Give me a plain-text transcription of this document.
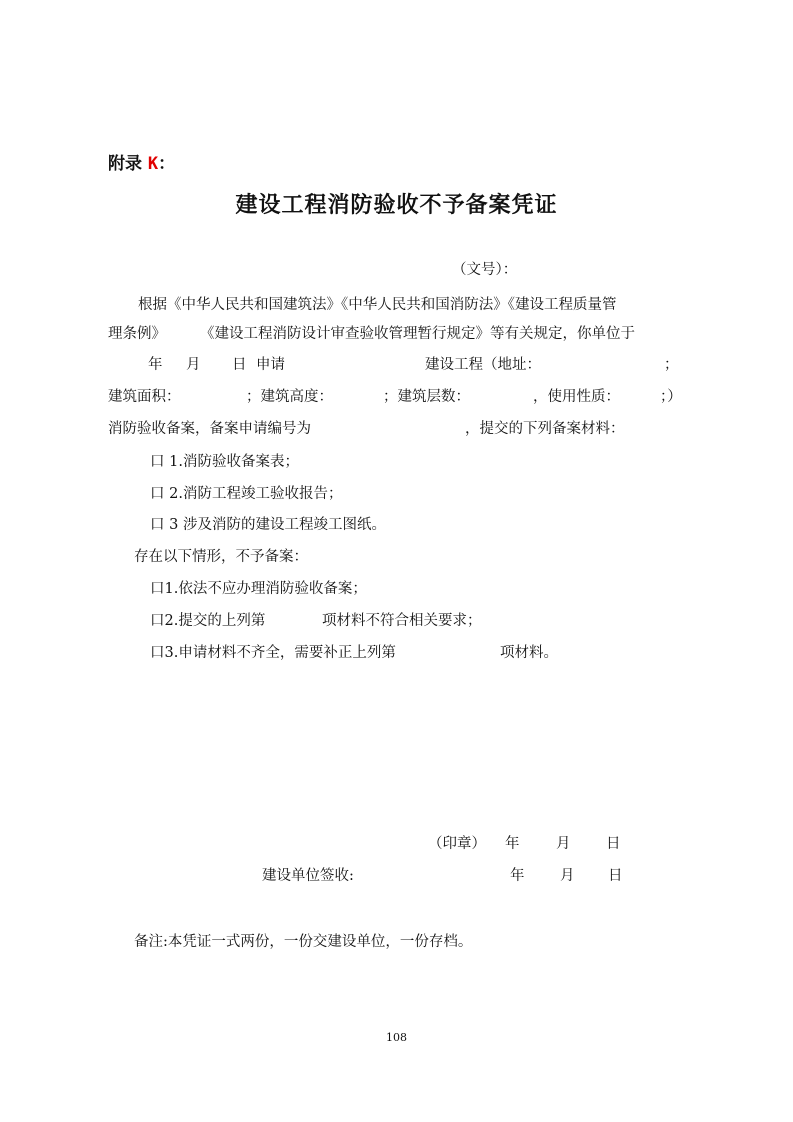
附录 K：
建设工程消防验收不予备案凭证
（文号）：
根据《中华人民共和国建筑法》《中华人民共和国消防法》《建设工程质量管
理条例》 《建设工程消防设计审查验收管理暂行规定》等有关规定，你单位于
年 月 日 申请	建设工程（地址：	；
建筑面积：	；建筑高度：	；建筑层数：	，使用性质：	；）
消防验收备案，备案申请编号为	，提交的下列备案材料：
口 1.消防验收备案表；
口 2.消防工程竣工验收报告；
口 3 涉及消防的建设工程竣工图纸。
存在以下情形，不予备案：
口1.依法不应办理消防验收备案；
口2.提交的上列第	项材料不符合相关要求；
口3.申请材料不齐全，需要补正上列第	项材料。
（印章） 年	月 日
建设单位签收:	年 月 日
备注:本凭证一式两份，一份交建设单位，一份存档。
108
